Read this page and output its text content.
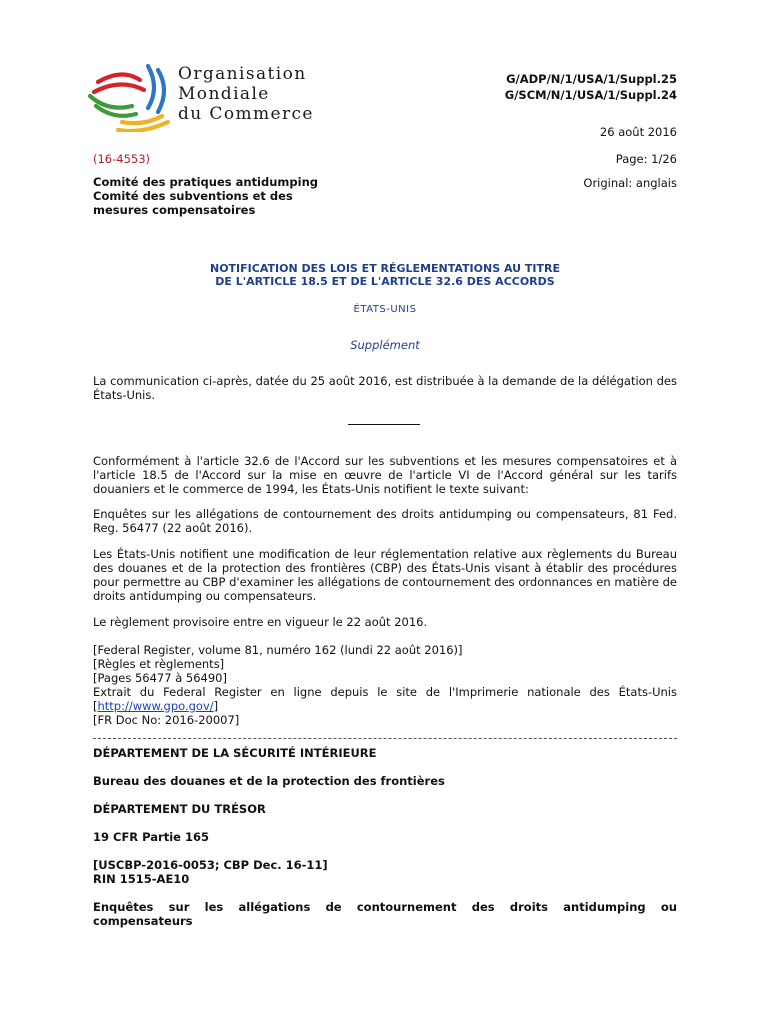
Organisation
Mondiale
du Commerce
G/ADP/N/1/USA/1/Suppl.25
G/SCM/N/1/USA/1/Suppl.24
26 août 2016
(16-4553)	Page: 1/26
Comité des pratiques antidumping
Comité des subventions et des
mesures compensatoires
Original: anglais
NOTIFICATION DES LOIS ET RÉGLEMENTATIONS AU TITRE
DE L'ARTICLE 18.5 ET DE L'ARTICLE 32.6 DES ACCORDS
ÉTATS-UNIS
Supplément
La communication ci-après, datée du 25 août 2016, est distribuée à la demande de la délégation des États-Unis.
Conformément à l'article 32.6 de l'Accord sur les subventions et les mesures compensatoires et à l'article 18.5 de l'Accord sur la mise en œuvre de l'article VI de l'Accord général sur les tarifs douaniers et le commerce de 1994, les États-Unis notifient le texte suivant:
Enquêtes sur les allégations de contournement des droits antidumping ou compensateurs, 81 Fed. Reg. 56477 (22 août 2016).
Les États-Unis notifient une modification de leur réglementation relative aux règlements du Bureau des douanes et de la protection des frontières (CBP) des États-Unis visant à établir des procédures pour permettre au CBP d'examiner les allégations de contournement des ordonnances en matière de droits antidumping ou compensateurs.
Le règlement provisoire entre en vigueur le 22 août 2016.
[Federal Register, volume 81, numéro 162 (lundi 22 août 2016)]
[Règles et règlements]
[Pages 56477 à 56490]
Extrait du Federal Register en ligne depuis le site de l'Imprimerie nationale des États-Unis
[http://www.gpo.gov/]
[FR Doc No: 2016-20007]
DÉPARTEMENT DE LA SÉCURITÉ INTÉRIEURE
Bureau des douanes et de la protection des frontières
DÉPARTEMENT DU TRÉSOR
19 CFR Partie 165
[USCBP-2016-0053; CBP Dec. 16-11]
RIN 1515-AE10
Enquêtes sur les allégations de contournement des droits antidumping ou compensateurs
